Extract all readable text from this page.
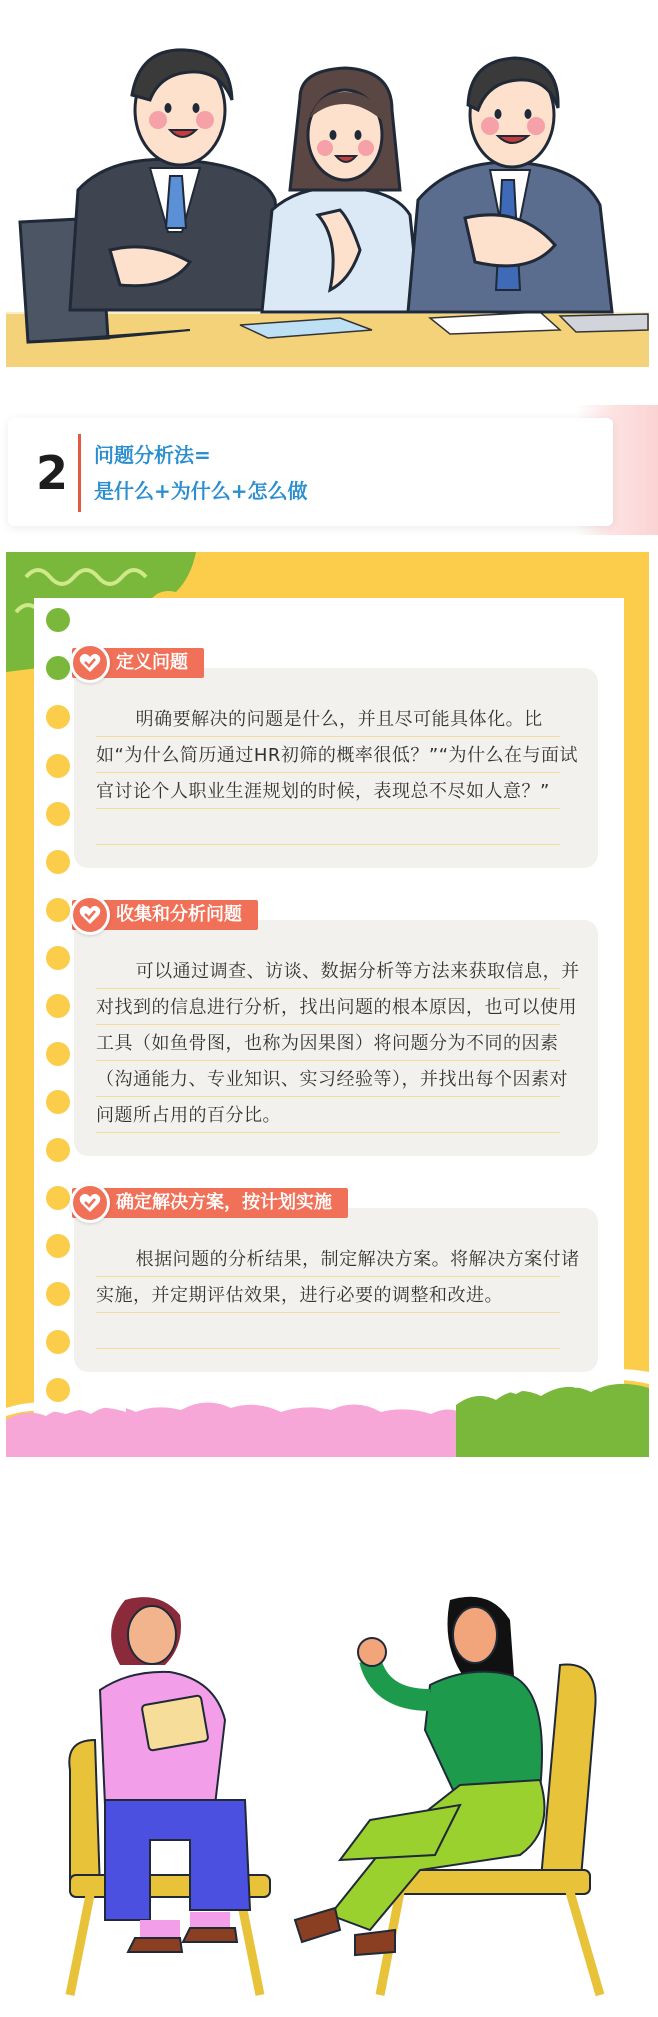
2	问题分析法=
是什么+为什么+怎么做
明确要解决的问题是什么，并且尽可能具体化。比如“为什么简历通过HR初筛的概率很低？”“为什么在与面试官讨论个人职业生涯规划的时候，表现总不尽如人意？”
定义问题
可以通过调查、访谈、数据分析等方法来获取信息，并对找到的信息进行分析，找出问题的根本原因，也可以使用工具（如鱼骨图，也称为因果图）将问题分为不同的因素（沟通能力、专业知识、实习经验等），并找出每个因素对问题所占用的百分比。
收集和分析问题
根据问题的分析结果，制定解决方案。将解决方案付诸实施，并定期评估效果，进行必要的调整和改进。
确定解决方案，按计划实施
